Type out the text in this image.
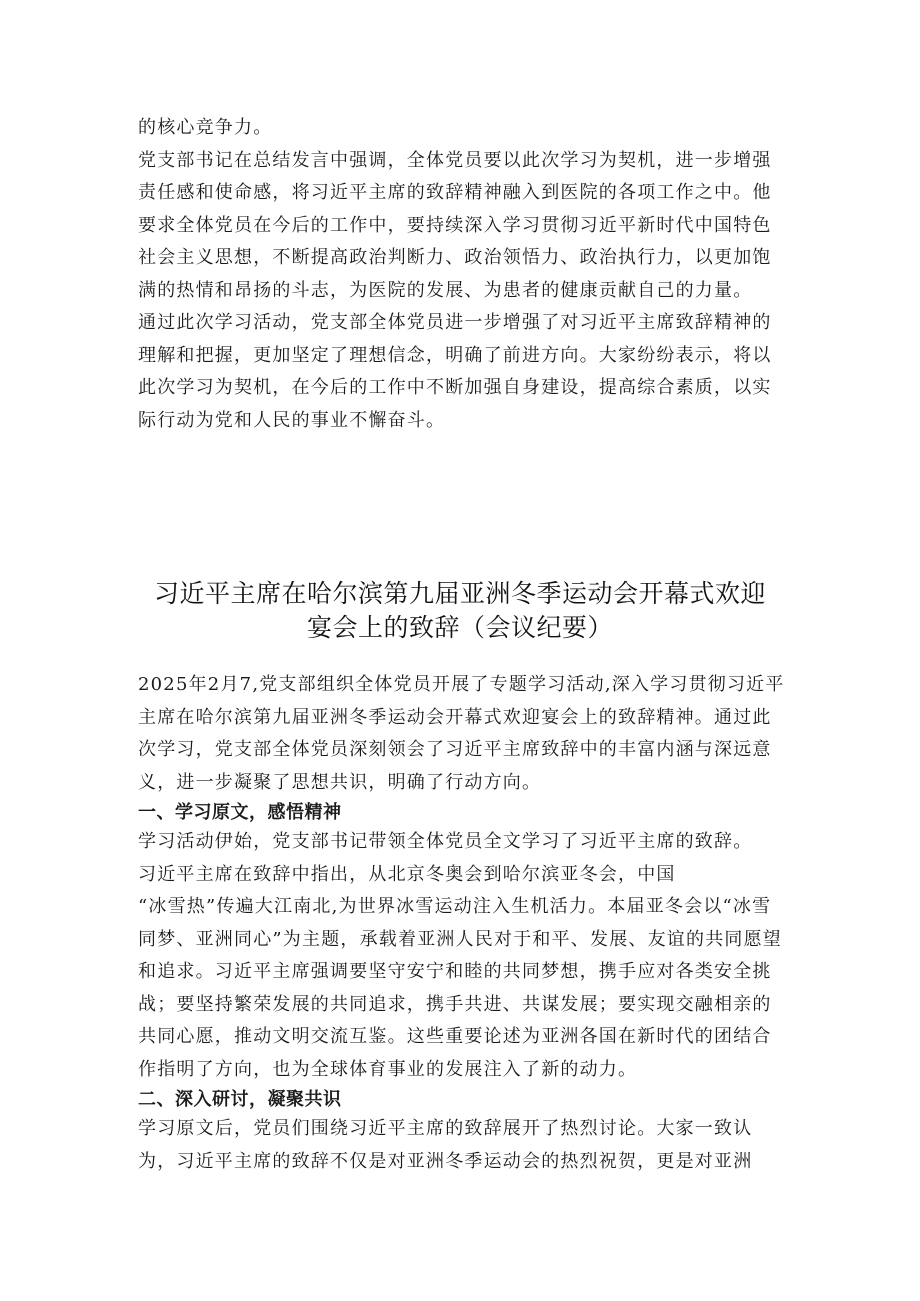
的核心竞争力。

党支部书记在总结发言中强调，全体党员要以此次学习为契机，进一步增强责任感和使命感，将习近平主席的致辞精神融入到医院的各项工作之中。他要求全体党员在今后的工作中，要持续深入学习贯彻习近平新时代中国特色社会主义思想，不断提高政治判断力、政治领悟力、政治执行力，以更加饱满的热情和昂扬的斗志，为医院的发展、为患者的健康贡献自己的力量。

通过此次学习活动，党支部全体党员进一步增强了对习近平主席致辞精神的理解和把握，更加坚定了理想信念，明确了前进方向。大家纷纷表示，将以此次学习为契机，在今后的工作中不断加强自身建设，提高综合素质，以实际行动为党和人民的事业不懈奋斗。

习近平主席在哈尔滨第九届亚洲冬季运动会开幕式欢迎
宴会上的致辞（会议纪要）

2025年2月7,党支部组织全体党员开展了专题学习活动,深入学习贯彻习近平主席在哈尔滨第九届亚洲冬季运动会开幕式欢迎宴会上的致辞精神。通过此次学习，党支部全体党员深刻领会了习近平主席致辞中的丰富内涵与深远意义，进一步凝聚了思想共识，明确了行动方向。

一、学习原文，感悟精神

学习活动伊始，党支部书记带领全体党员全文学习了习近平主席的致辞。

习近平主席在致辞中指出，从北京冬奥会到哈尔滨亚冬会，中国

“冰雪热”传遍大江南北,为世界冰雪运动注入生机活力。本届亚冬会以“冰雪同梦、亚洲同心”为主题，承载着亚洲人民对于和平、发展、友谊的共同愿望和追求。习近平主席强调要坚守安宁和睦的共同梦想，携手应对各类安全挑战；要坚持繁荣发展的共同追求，携手共进、共谋发展；要实现交融相亲的共同心愿，推动文明交流互鉴。这些重要论述为亚洲各国在新时代的团结合作指明了方向，也为全球体育事业的发展注入了新的动力。

二、深入研讨，凝聚共识

学习原文后，党员们围绕习近平主席的致辞展开了热烈讨论。大家一致认为，习近平主席的致辞不仅是对亚洲冬季运动会的热烈祝贺，更是对亚洲
